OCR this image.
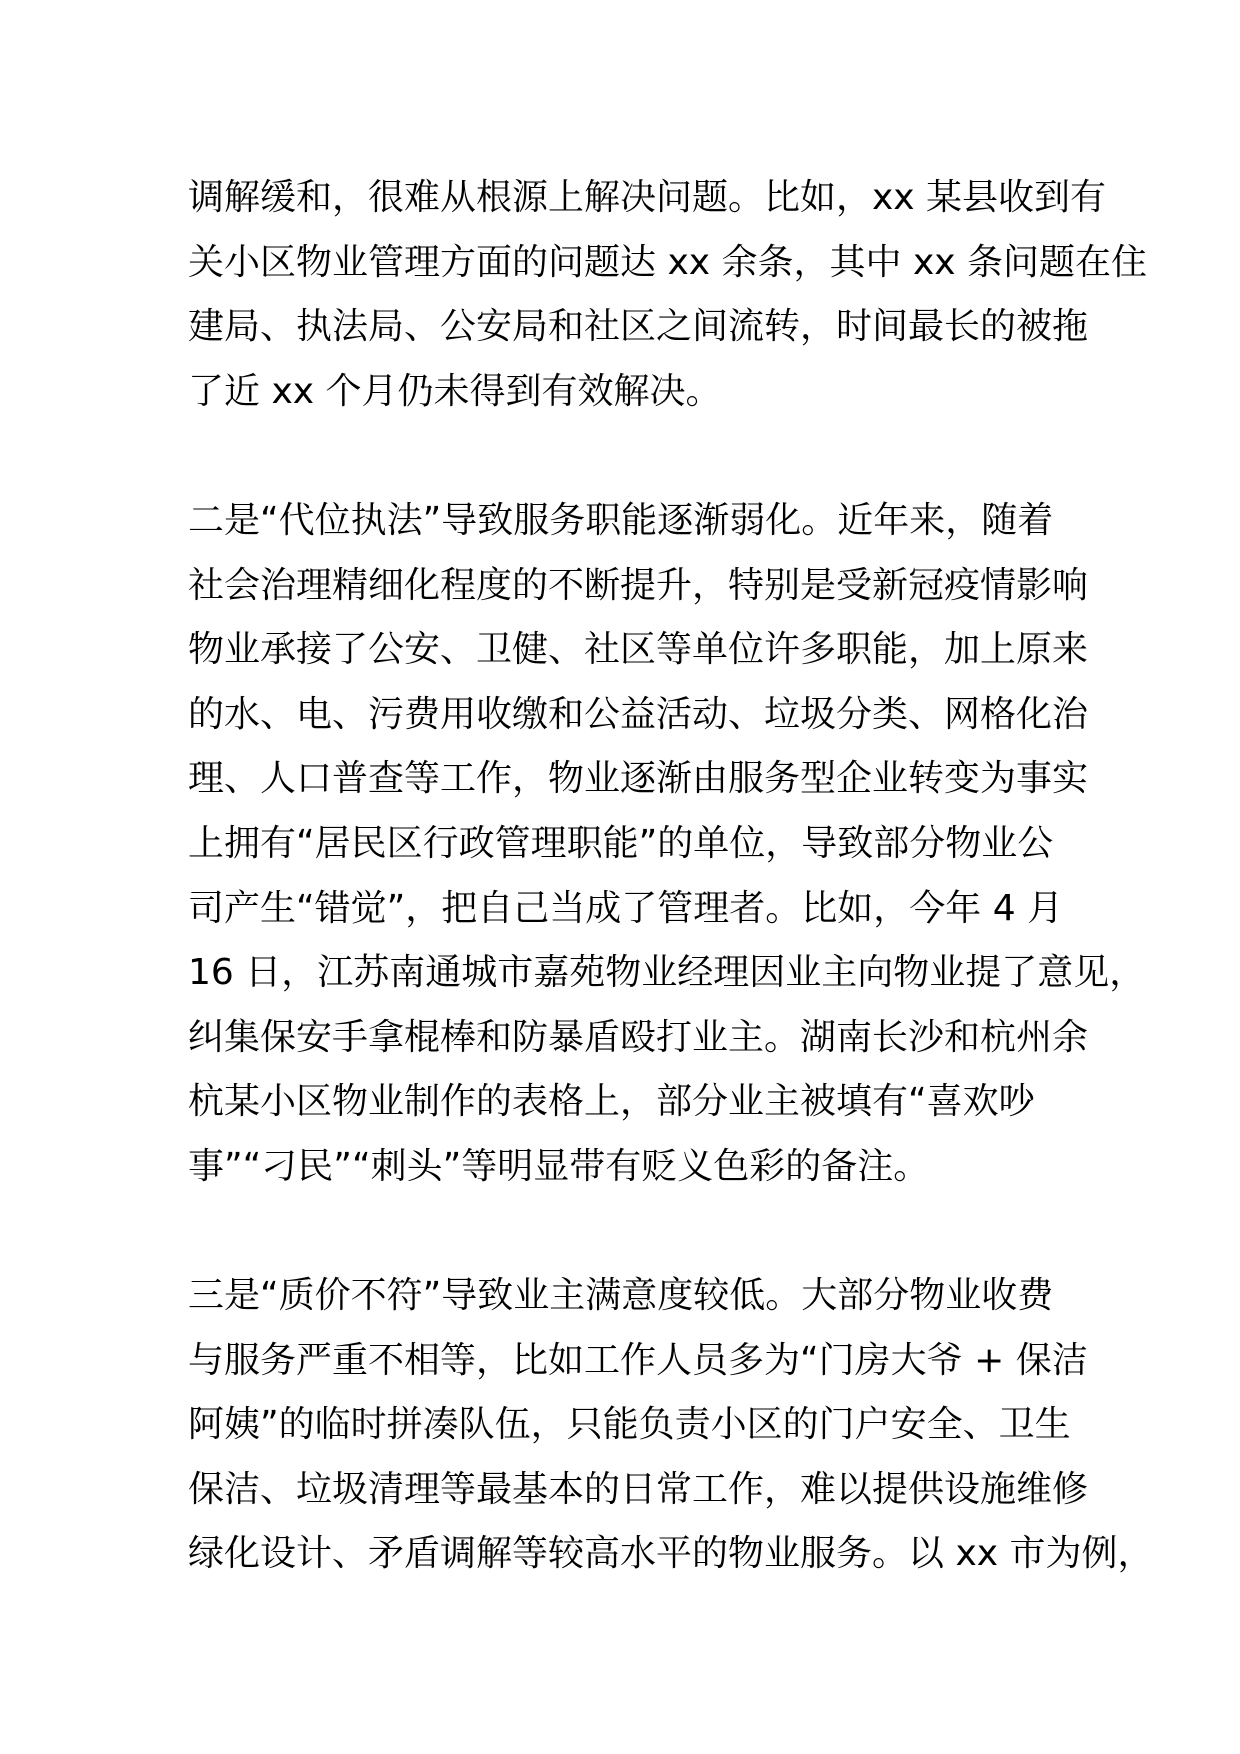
调解缓和，很难从根源上解决问题。比如，xx 某县收到有
关小区物业管理方面的问题达 xx 余条，其中 xx 条问题在住
建局、执法局、公安局和社区之间流转，时间最长的被拖
了近 xx 个月仍未得到有效解决。
二是“代位执法”导致服务职能逐渐弱化。近年来，随着
社会治理精细化程度的不断提升，特别是受新冠疫情影响
物业承接了公安、卫健、社区等单位许多职能，加上原来
的水、电、污费用收缴和公益活动、垃圾分类、网格化治
理、人口普查等工作，物业逐渐由服务型企业转变为事实
上拥有“居民区行政管理职能”的单位，导致部分物业公
司产生“错觉”，把自己当成了管理者。比如，今年 4 月
16 日，江苏南通城市嘉苑物业经理因业主向物业提了意见，
纠集保安手拿棍棒和防暴盾殴打业主。湖南长沙和杭州余
杭某小区物业制作的表格上，部分业主被填有“喜欢吵
事”“刁民”“刺头”等明显带有贬义色彩的备注。
三是“质价不符”导致业主满意度较低。大部分物业收费
与服务严重不相等，比如工作人员多为“门房大爷 + 保洁
阿姨”的临时拼凑队伍，只能负责小区的门户安全、卫生
保洁、垃圾清理等最基本的日常工作，难以提供设施维修
绿化设计、矛盾调解等较高水平的物业服务。以 xx 市为例，
